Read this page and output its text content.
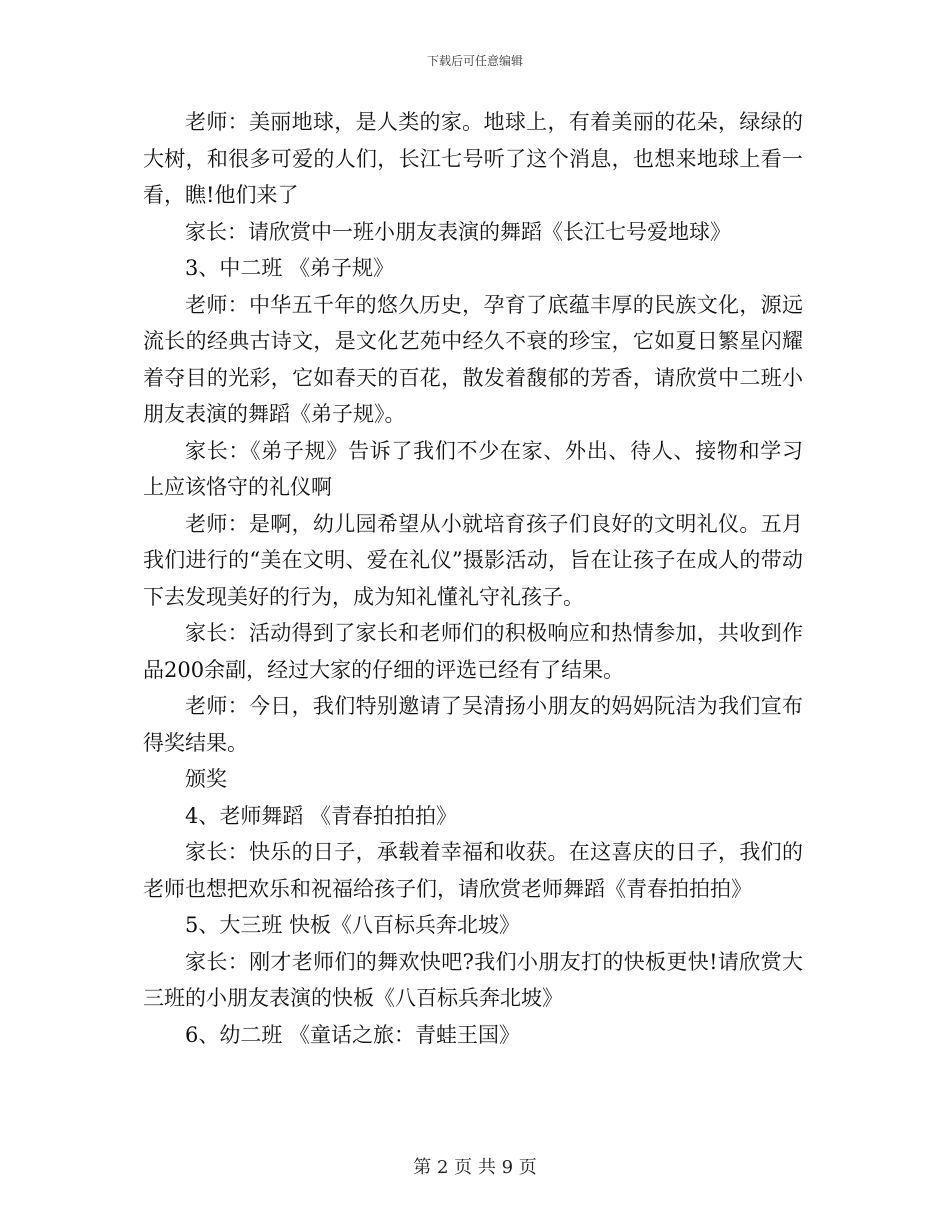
下载后可任意编辑

老师：美丽地球，是人类的家。地球上，有着美丽的花朵，绿绿的大树，和很多可爱的人们，长江七号听了这个消息，也想来地球上看一看，瞧!他们来了

家长：请欣赏中一班小朋友表演的舞蹈《长江七号爱地球》

3、中二班 《弟子规》

老师：中华五千年的悠久历史，孕育了底蕴丰厚的民族文化，源远流长的经典古诗文，是文化艺苑中经久不衰的珍宝，它如夏日繁星闪耀着夺目的光彩，它如春天的百花，散发着馥郁的芳香，请欣赏中二班小朋友表演的舞蹈《弟子规》。

家长：《弟子规》告诉了我们不少在家、外出、待人、接物和学习上应该恪守的礼仪啊

老师：是啊，幼儿园希望从小就培育孩子们良好的文明礼仪。五月我们进行的“美在文明、爱在礼仪”摄影活动，旨在让孩子在成人的带动下去发现美好的行为，成为知礼懂礼守礼孩子。

家长：活动得到了家长和老师们的积极响应和热情参加，共收到作品200余副，经过大家的仔细的评选已经有了结果。

老师：今日，我们特别邀请了吴清扬小朋友的妈妈阮洁为我们宣布得奖结果。

颁奖

4、老师舞蹈 《青春拍拍拍》

家长：快乐的日子，承载着幸福和收获。在这喜庆的日子，我们的老师也想把欢乐和祝福给孩子们，请欣赏老师舞蹈《青春拍拍拍》

5、大三班 快板《八百标兵奔北坡》

家长：刚才老师们的舞欢快吧?我们小朋友打的快板更快!请欣赏大三班的小朋友表演的快板《八百标兵奔北坡》

6、幼二班 《童话之旅：青蛙王国》

第 2 页 共 9 页
